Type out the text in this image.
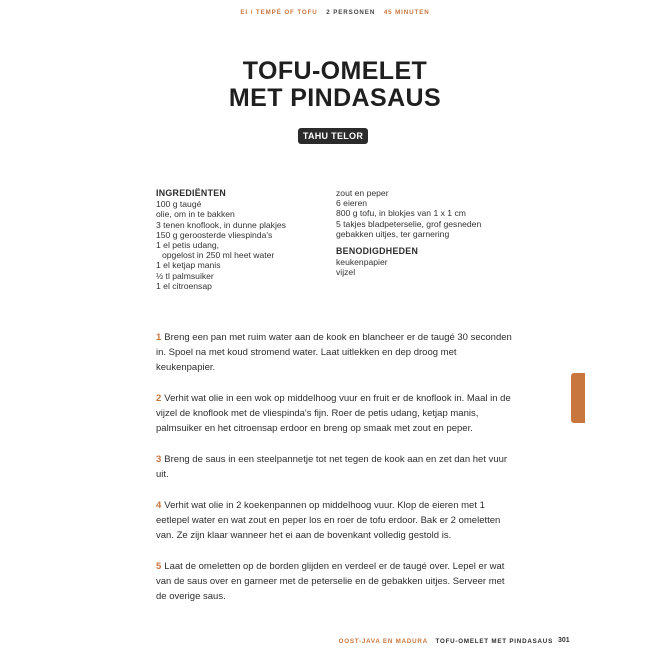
EI / TEMPÉ OF TOFU 2 PERSONEN 45 MINUTEN
TOFU-OMELET
MET PINDASAUS
TAHU TELOR
INGREDIËNTEN
100 g taugé
olie, om in te bakken
3 tenen knoflook, in dunne plakjes
150 g geroosterde vliespinda's
1 el petis udang,
opgelost in 250 ml heet water
1 el ketjap manis
½ tl palmsuiker
1 el citroensap
zout en peper
6 eieren
800 g tofu, in blokjes van 1 x 1 cm
5 takjes bladpeterselie, grof gesneden
gebakken uitjes, ter garnering
BENODIGDHEDEN
keukenpapier
vijzel

1 Breng een pan met ruim water aan de kook en blancheer er de taugé 30 seconden in. Spoel na met koud stromend water. Laat uitlekken en dep droog met keukenpapier.

2 Verhit wat olie in een wok op middelhoog vuur en fruit er de knoflook in. Maal in de vijzel de knoflook met de vliespinda's fijn. Roer de petis udang, ketjap manis, palmsuiker en het citroensap erdoor en breng op smaak met zout en peper.

3 Breng de saus in een steelpannetje tot net tegen de kook aan en zet dan het vuur uit.

4 Verhit wat olie in 2 koekenpannen op middelhoog vuur. Klop de eieren met 1 eetlepel water en wat zout en peper los en roer de tofu erdoor. Bak er 2 omeletten van. Ze zijn klaar wanneer het ei aan de bovenkant volledig gestold is.

5 Laat de omeletten op de borden glijden en verdeel er de taugé over. Lepel er wat van de saus over en garneer met de peterselie en de gebakken uitjes. Serveer met de overige saus.

OOST-JAVA EN MADURA TOFU-OMELET MET PINDASAUS 301
